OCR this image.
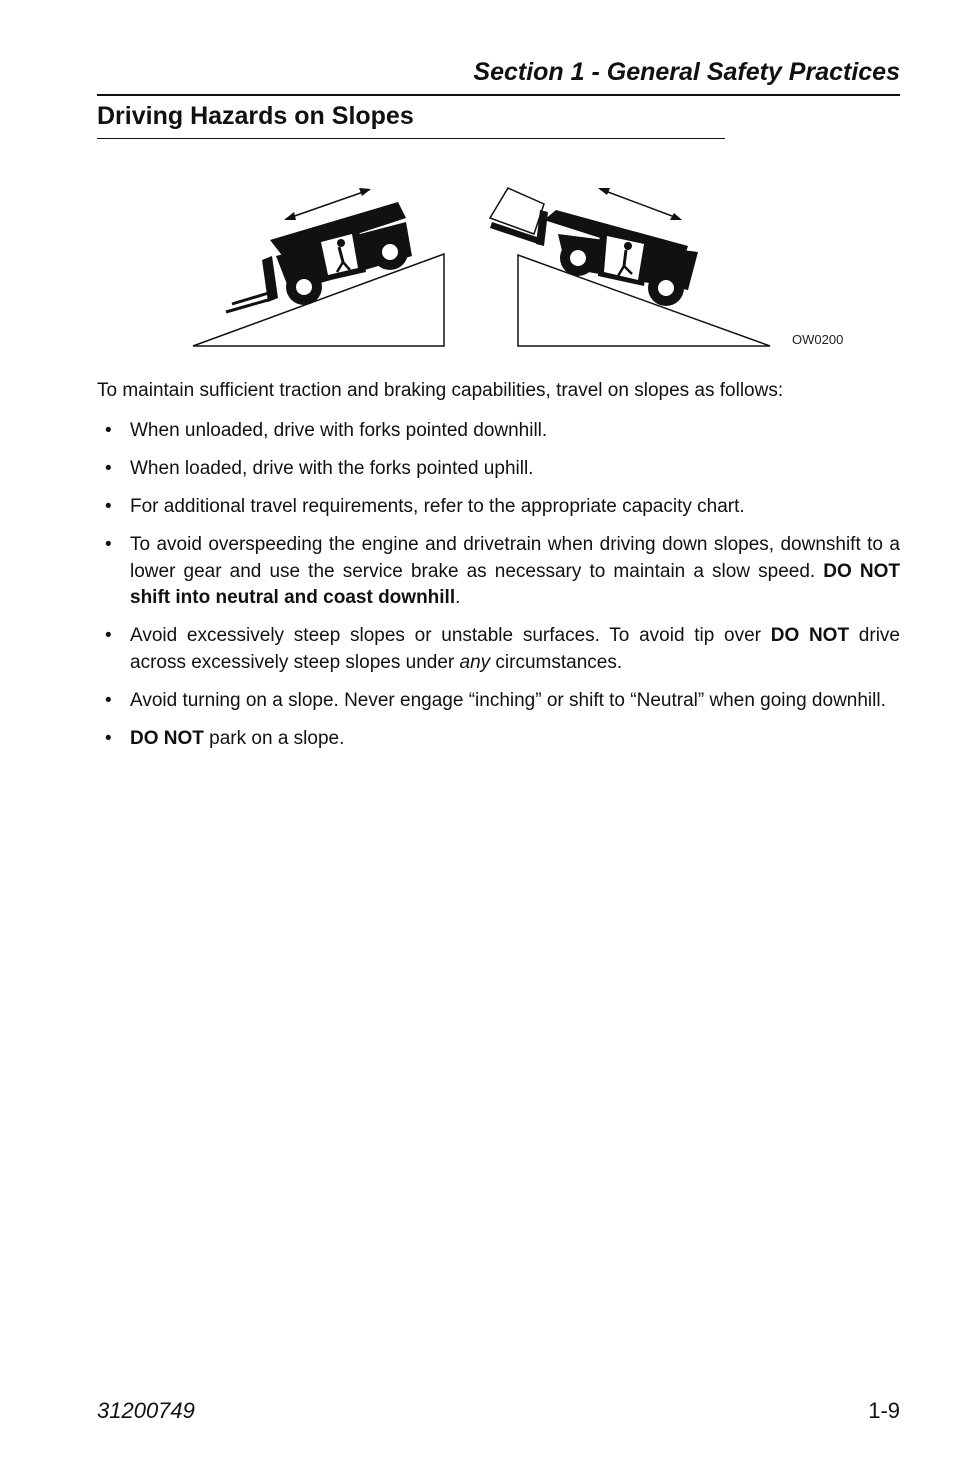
Section 1 - General Safety Practices
Driving Hazards on Slopes
OW0200
To maintain sufficient traction and braking capabilities, travel on slopes as follows:
• When unloaded, drive with forks pointed downhill.
• When loaded, drive with the forks pointed uphill.
• For additional travel requirements, refer to the appropriate capacity chart.
• To avoid overspeeding the engine and drivetrain when driving down slopes, downshift to a lower gear and use the service brake as necessary to maintain a slow speed. DO NOT shift into neutral and coast downhill.
• Avoid excessively steep slopes or unstable surfaces. To avoid tip over DO NOT drive across excessively steep slopes under any circumstances.
• Avoid turning on a slope. Never engage “inching” or shift to “Neutral” when going downhill.
• DO NOT park on a slope.
31200749	1-9
